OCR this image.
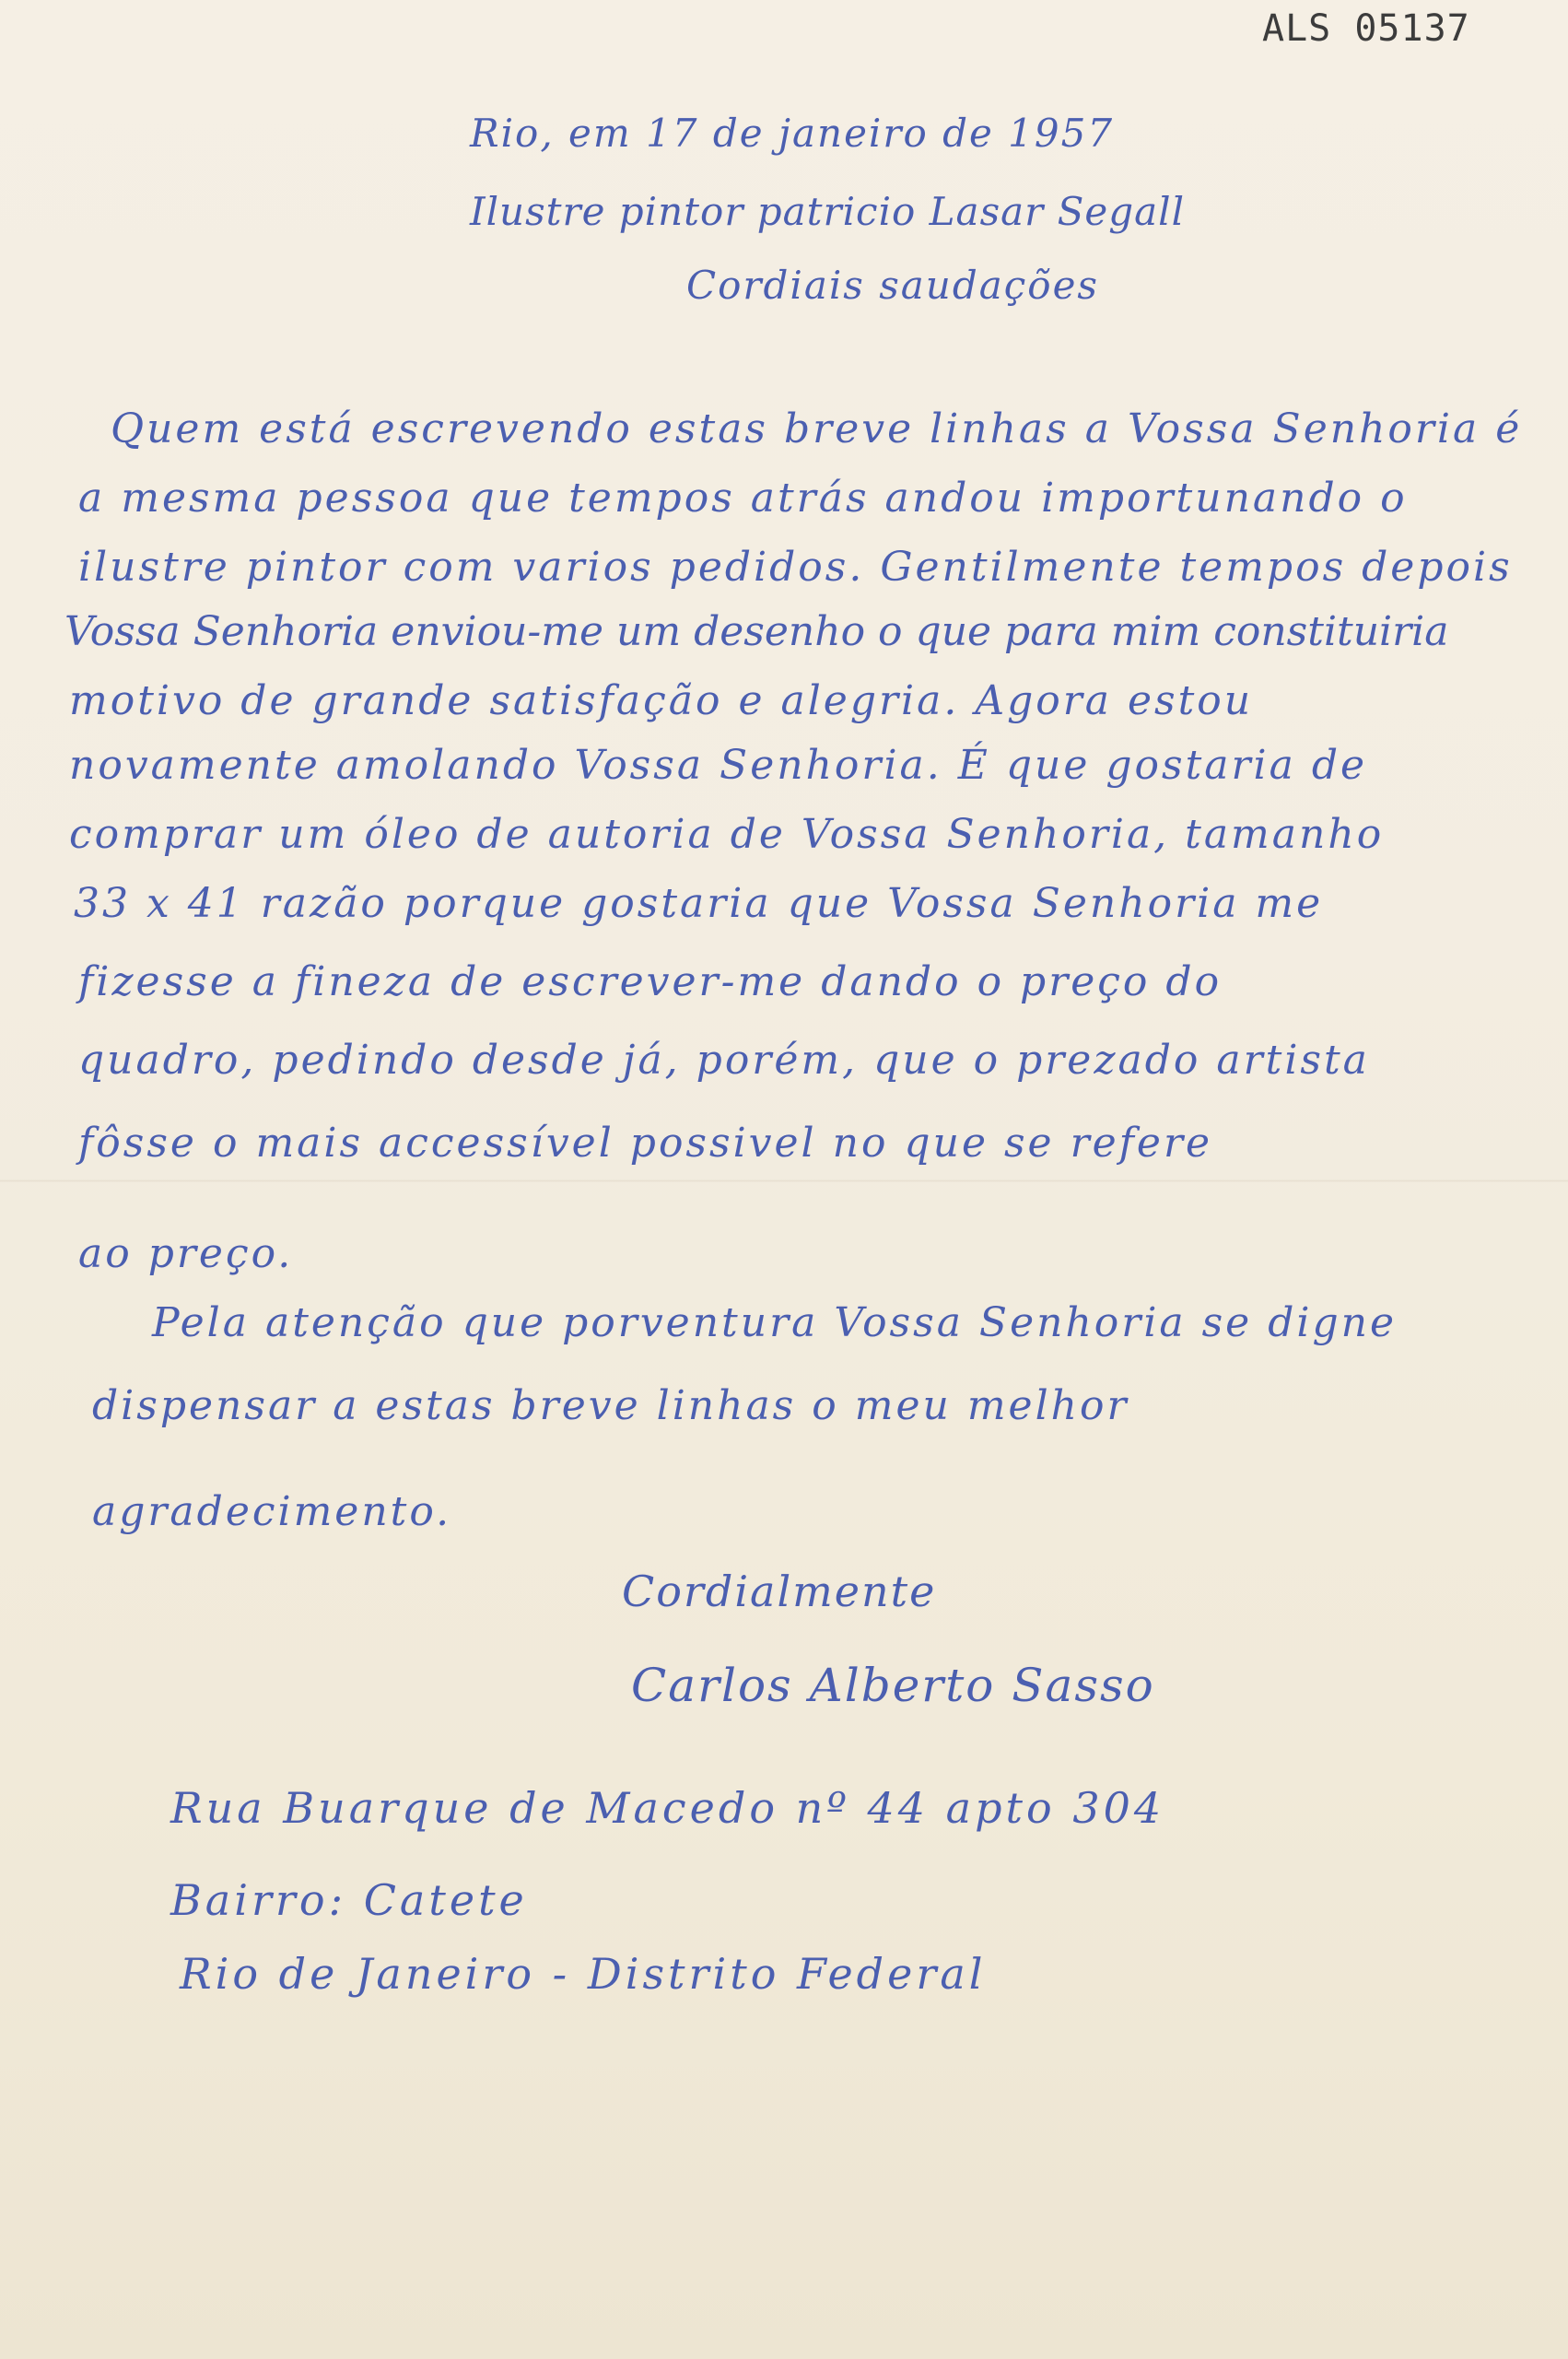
ALS 05137
Rio, em 17 de janeiro de 1957
Ilustre pintor patricio Lasar Segall
Cordiais saudações
Quem está escrevendo estas breve linhas a Vossa Senhoria é
a mesma pessoa que tempos atrás andou importunando o
ilustre pintor com varios pedidos. Gentilmente tempos depois
Vossa Senhoria enviou-me um desenho o que para mim constituiria
motivo de grande satisfação e alegria. Agora estou
novamente amolando Vossa Senhoria. É que gostaria de
comprar um óleo de autoria de Vossa Senhoria, tamanho
33 x 41 razão porque gostaria que Vossa Senhoria me
fizesse a fineza de escrever-me dando o preço do
quadro, pedindo desde já, porém, que o prezado artista
fôsse o mais accessível possivel no que se refere
ao preço.
Pela atenção que porventura Vossa Senhoria se digne
dispensar a estas breve linhas o meu melhor
agradecimento.
Cordialmente
Carlos Alberto Sasso
Rua Buarque de Macedo nº 44 apto 304
Bairro: Catete
Rio de Janeiro - Distrito Federal
